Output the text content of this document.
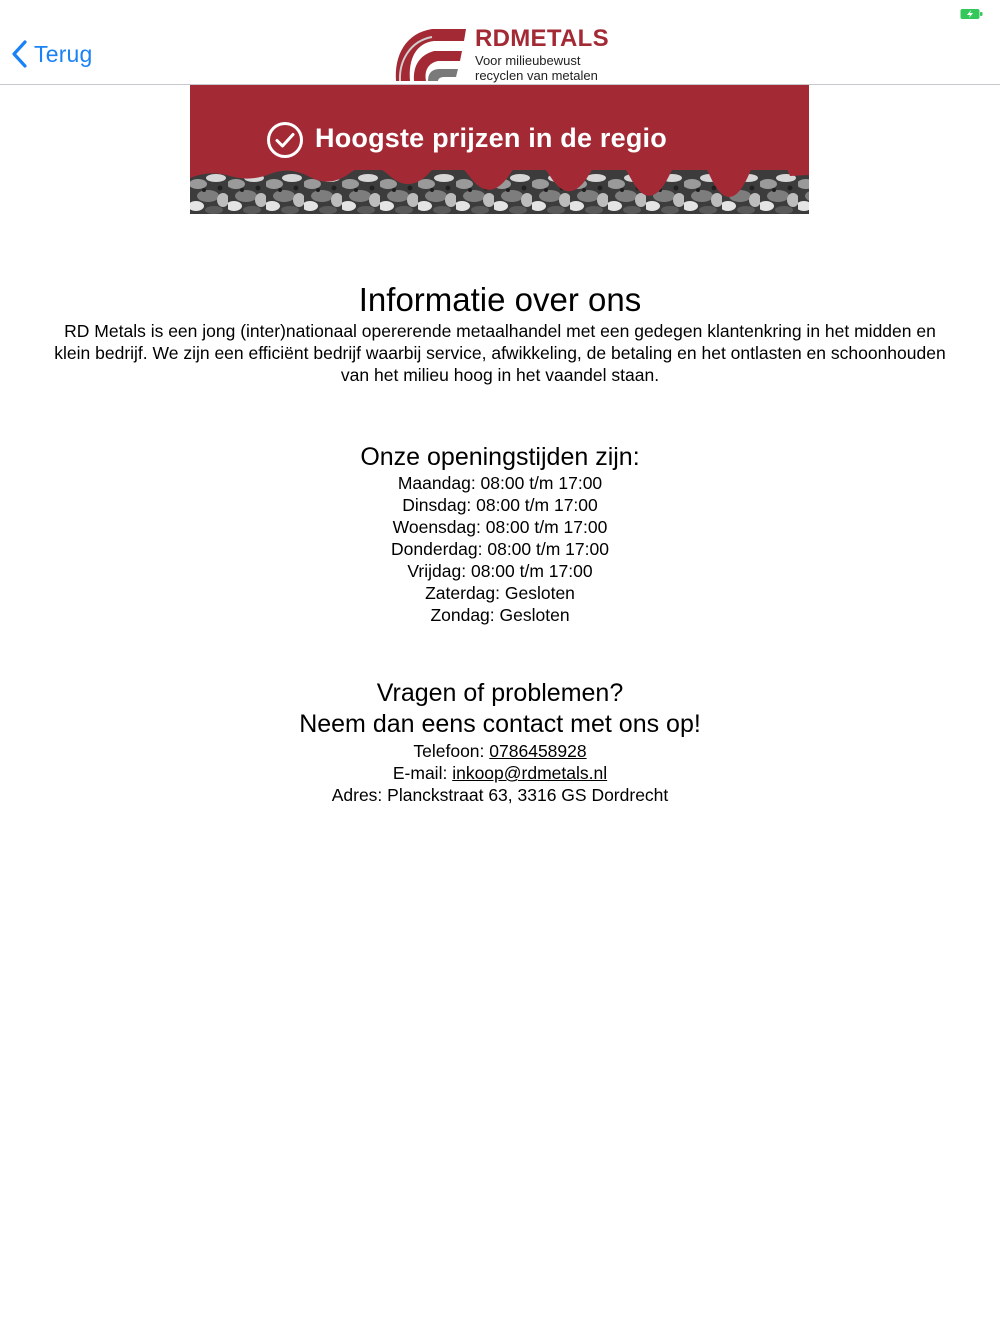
Terug
RDMETALS
Voor milieubewust
recyclen van metalen
Hoogste prijzen in de regio
Informatie over ons
RD Metals is een jong (inter)nationaal opererende metaalhandel met een gedegen klantenkring in het midden en
klein bedrijf. We zijn een efficiënt bedrijf waarbij service, afwikkeling, de betaling en het ontlasten en schoonhouden
van het milieu hoog in het vaandel staan.
Onze openingstijden zijn:
Maandag: 08:00 t/m 17:00
Dinsdag: 08:00 t/m 17:00
Woensdag: 08:00 t/m 17:00
Donderdag: 08:00 t/m 17:00
Vrijdag: 08:00 t/m 17:00
Zaterdag: Gesloten
Zondag: Gesloten
Vragen of problemen?
Neem dan eens contact met ons op!
Telefoon: 0786458928
E-mail: inkoop@rdmetals.nl
Adres: Planckstraat 63, 3316 GS Dordrecht
